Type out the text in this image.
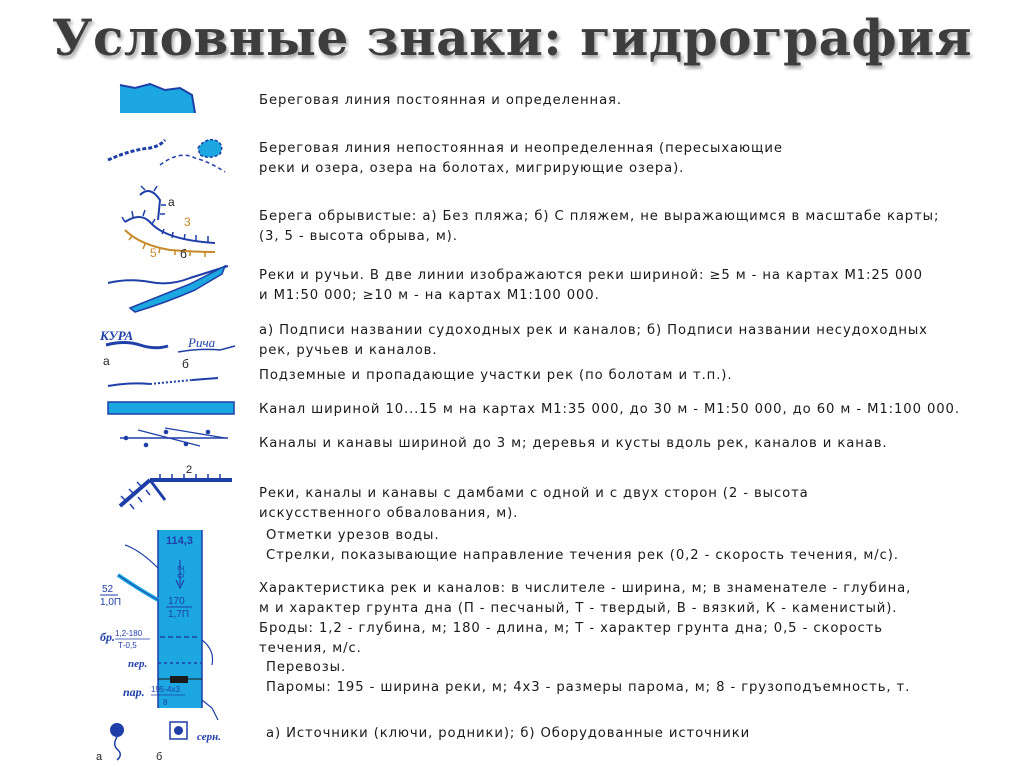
Условные знаки: гидрография
а
3
5 б
КУРА
а
Рича
б
2
114,3
0,2
170
1,7П
52
1,0П
бр. 1,2-180
Т-0,5
пер.
пар. 195-4х3
8
а	б
серн.
Береговая линия постоянная и определенная.
Береговая линия непостоянная и неопределенная (пересыхающие
реки и озера, озера на болотах, мигрирующие озера).
Берега обрывистые: а) Без пляжа; б) С пляжем, не выражающимся в масштабе карты;
(3, 5 - высота обрыва, м).
Реки и ручьи. В две линии изображаются реки шириной: ≥5 м - на картах М1:25 000
и М1:50 000; ≥10 м - на картах М1:100 000.
а) Подписи названии судоходных рек и каналов; б) Подписи названии несудоходных
рек, ручьев и каналов.
Подземные и пропадающие участки рек (по болотам и т.п.).
Канал шириной 10...15 м на картах М1:35 000, до 30 м - М1:50 000, до 60 м - М1:100 000.
Каналы и канавы шириной до 3 м; деревья и кусты вдоль рек, каналов и канав.
Реки, каналы и канавы с дамбами с одной и с двух сторон (2 - высота
искусственного обвалования, м).
Отметки урезов воды.
Стрелки, показывающие направление течения рек (0,2 - скорость течения, м/с).
Характеристика рек и каналов: в числителе - ширина, м; в знаменателе - глубина,
м и характер грунта дна (П - песчаный, Т - твердый, В - вязкий, К - каменистый).
Броды: 1,2 - глубина, м; 180 - длина, м; Т - характер грунта дна; 0,5 - скорость
течения, м/с.
Перевозы.
Паромы: 195 - ширина реки, м; 4х3 - размеры парома, м; 8 - грузоподъемность, т.
а) Источники (ключи, родники); б) Оборудованные источники
